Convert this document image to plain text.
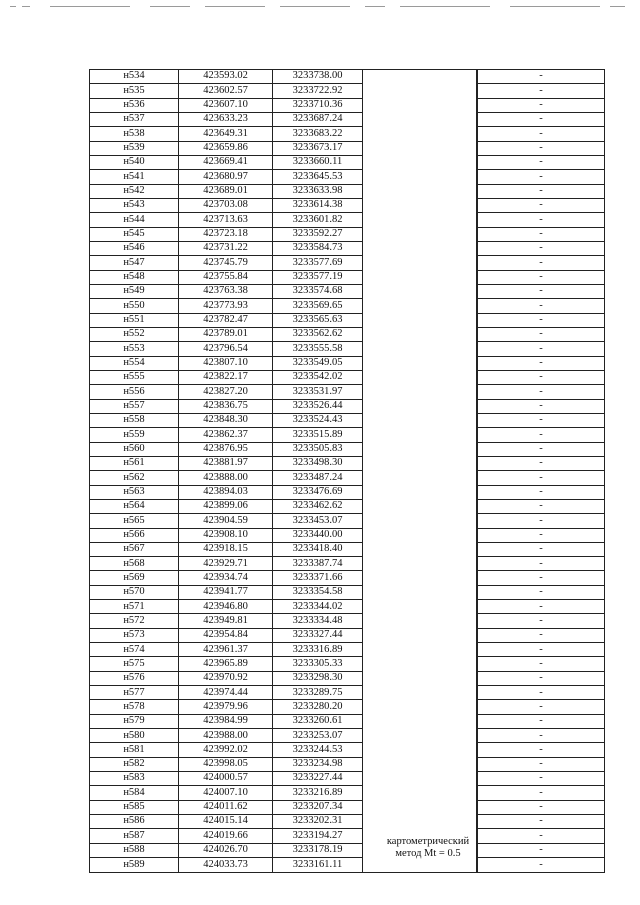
н534	423593.02	3233738.00			-
н535	423602.57	3233722.92			-
н536	423607.10	3233710.36			-
н537	423633.23	3233687.24			-
н538	423649.31	3233683.22			-
н539	423659.86	3233673.17			-
н540	423669.41	3233660.11			-
н541	423680.97	3233645.53			-
н542	423689.01	3233633.98			-
н543	423703.08	3233614.38			-
н544	423713.63	3233601.82			-
н545	423723.18	3233592.27			-
н546	423731.22	3233584.73			-
н547	423745.79	3233577.69			-
н548	423755.84	3233577.19			-
н549	423763.38	3233574.68			-
н550	423773.93	3233569.65			-
н551	423782.47	3233565.63			-
н552	423789.01	3233562.62			-
н553	423796.54	3233555.58			-
н554	423807.10	3233549.05			-
н555	423822.17	3233542.02			-
н556	423827.20	3233531.97			-
н557	423836.75	3233526.44			-
н558	423848.30	3233524.43			-
н559	423862.37	3233515.89			-
н560	423876.95	3233505.83			-
н561	423881.97	3233498.30			-
н562	423888.00	3233487.24			-
н563	423894.03	3233476.69			-
н564	423899.06	3233462.62			-
н565	423904.59	3233453.07			-
н566	423908.10	3233440.00			-
н567	423918.15	3233418.40			-
н568	423929.71	3233387.74			-
н569	423934.74	3233371.66			-
н570	423941.77	3233354.58			-
н571	423946.80	3233344.02			-
н572	423949.81	3233334.48			-
н573	423954.84	3233327.44			-
н574	423961.37	3233316.89			-
н575	423965.89	3233305.33			-
н576	423970.92	3233298.30			-
н577	423974.44	3233289.75			-
н578	423979.96	3233280.20			-
н579	423984.99	3233260.61			-
н580	423988.00	3233253.07			-
н581	423992.02	3233244.53			-
н582	423998.05	3233234.98			-
н583	424000.57	3233227.44			-
н584	424007.10	3233216.89			-
н585	424011.62	3233207.34			-
н586	424015.14	3233202.31			-
н587	424019.66	3233194.27			-
н588	424026.70	3233178.19			-
н589	424033.73	3233161.11			-
картометрический
метод Mt = 0.5
